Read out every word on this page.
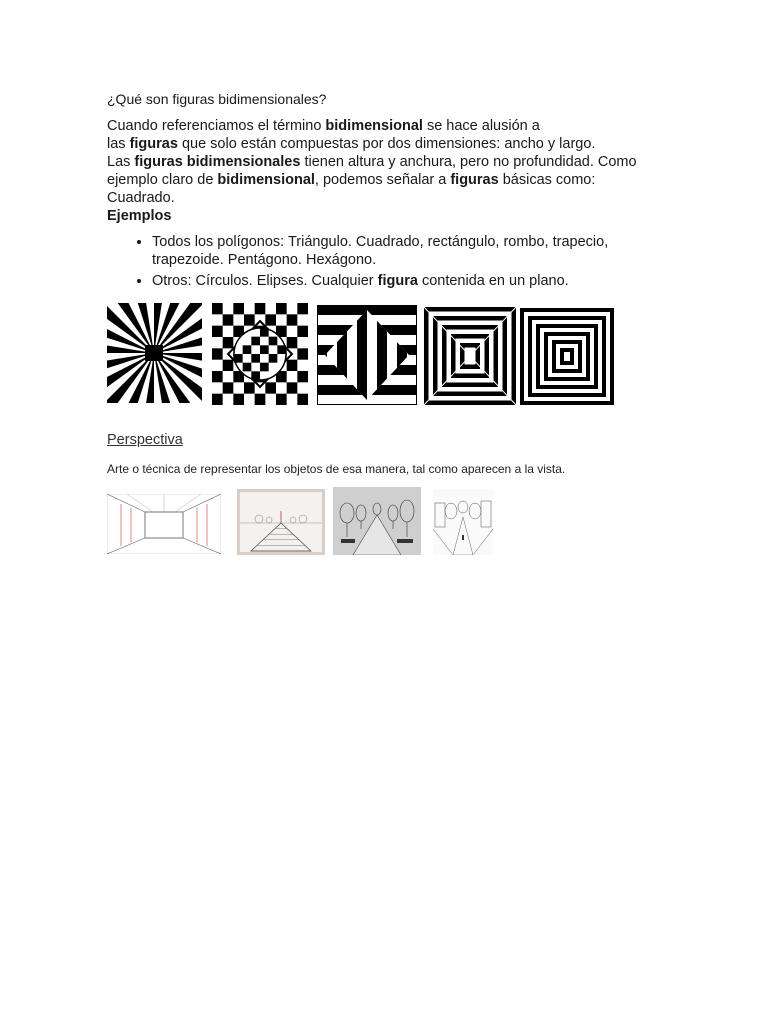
¿Qué son figuras bidimensionales?

Cuando referenciamos el término bidimensional se hace alusión a
las figuras que solo están compuestas por dos dimensiones: ancho y largo.

Las figuras bidimensionales tienen altura y anchura, pero no profundidad. Como ejemplo claro de bidimensional, podemos señalar a figuras básicas como: Cuadrado.

Ejemplos

• Todos los polígonos: Triángulo. Cuadrado, rectángulo, rombo, trapecio, trapezoide. Pentágono. Hexágono.
• Otros: Círculos. Elipses. Cualquier figura contenida en un plano.
Perspectiva
Arte o técnica de representar los objetos de esa manera, tal como aparecen a la vista.
